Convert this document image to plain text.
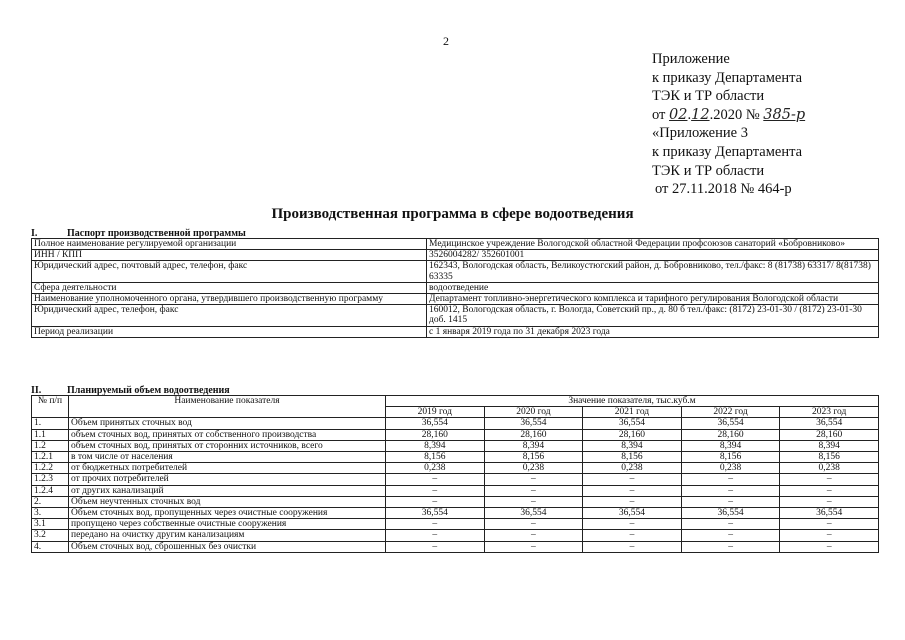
2
Приложение
к приказу Департамента
ТЭК и ТР области
от 02.12.2020 № 385-р
«Приложение 3
к приказу Департамента
ТЭК и ТР области
от 27.11.2018 № 464-р
Производственная программа в сфере водоотведения
I.	Паспорт производственной программы
Полное наименование регулируемой организации	Медицинское учреждение Вологодской областной Федерации профсоюзов санаторий «Бобровниково»
ИНН / КПП	3526004282/ 352601001
Юридический адрес, почтовый адрес, телефон, факс	162343, Вологодская область, Великоустюгский район, д. Бобровниково, тел./факс: 8 (81738) 63317/ 8(81738) 63335
Сфера деятельности	водоотведение
Наименование уполномоченного органа, утвердившего производственную программу	Департамент топливно-энергетического комплекса и тарифного регулирования Вологодской области
Юридический адрес, телефон, факс	160012, Вологодская область, г. Вологда, Советский пр., д. 80 б тел./факс: (8172) 23-01-30 / (8172) 23-01-30 доб. 1415
Период реализации	с 1 января 2019 года по 31 декабря 2023 года
II.	Планируемый объем водоотведения
№ п/п	Наименование показателя	Значение показателя, тыс.куб.м				
		2019 год	2020 год	2021 год	2022 год	2023 год
1.	Объем принятых сточных вод	36,554	36,554	36,554	36,554	36,554
1.1	объем сточных вод, принятых от собственного производства	28,160	28,160	28,160	28,160	28,160
1.2	объем сточных вод, принятых от сторонних источников, всего	8,394	8,394	8,394	8,394	8,394
1.2.1	в том числе от населения	8,156	8,156	8,156	8,156	8,156
1.2.2	от бюджетных потребителей	0,238	0,238	0,238	0,238	0,238
1.2.3	от прочих потребителей	–	–	–	–	–
1.2.4	от других канализаций	–	–	–	–	–
2.	Объем неучтенных сточных вод	–	–	–	–	–
3.	Объем сточных вод, пропущенных через очистные сооружения	36,554	36,554	36,554	36,554	36,554
3.1	пропущено через собственные очистные сооружения	–	–	–	–	–
3.2	передано на очистку другим канализациям	–	–	–	–	–
4.	Объем сточных вод, сброшенных без очистки	–	–	–	–	–
